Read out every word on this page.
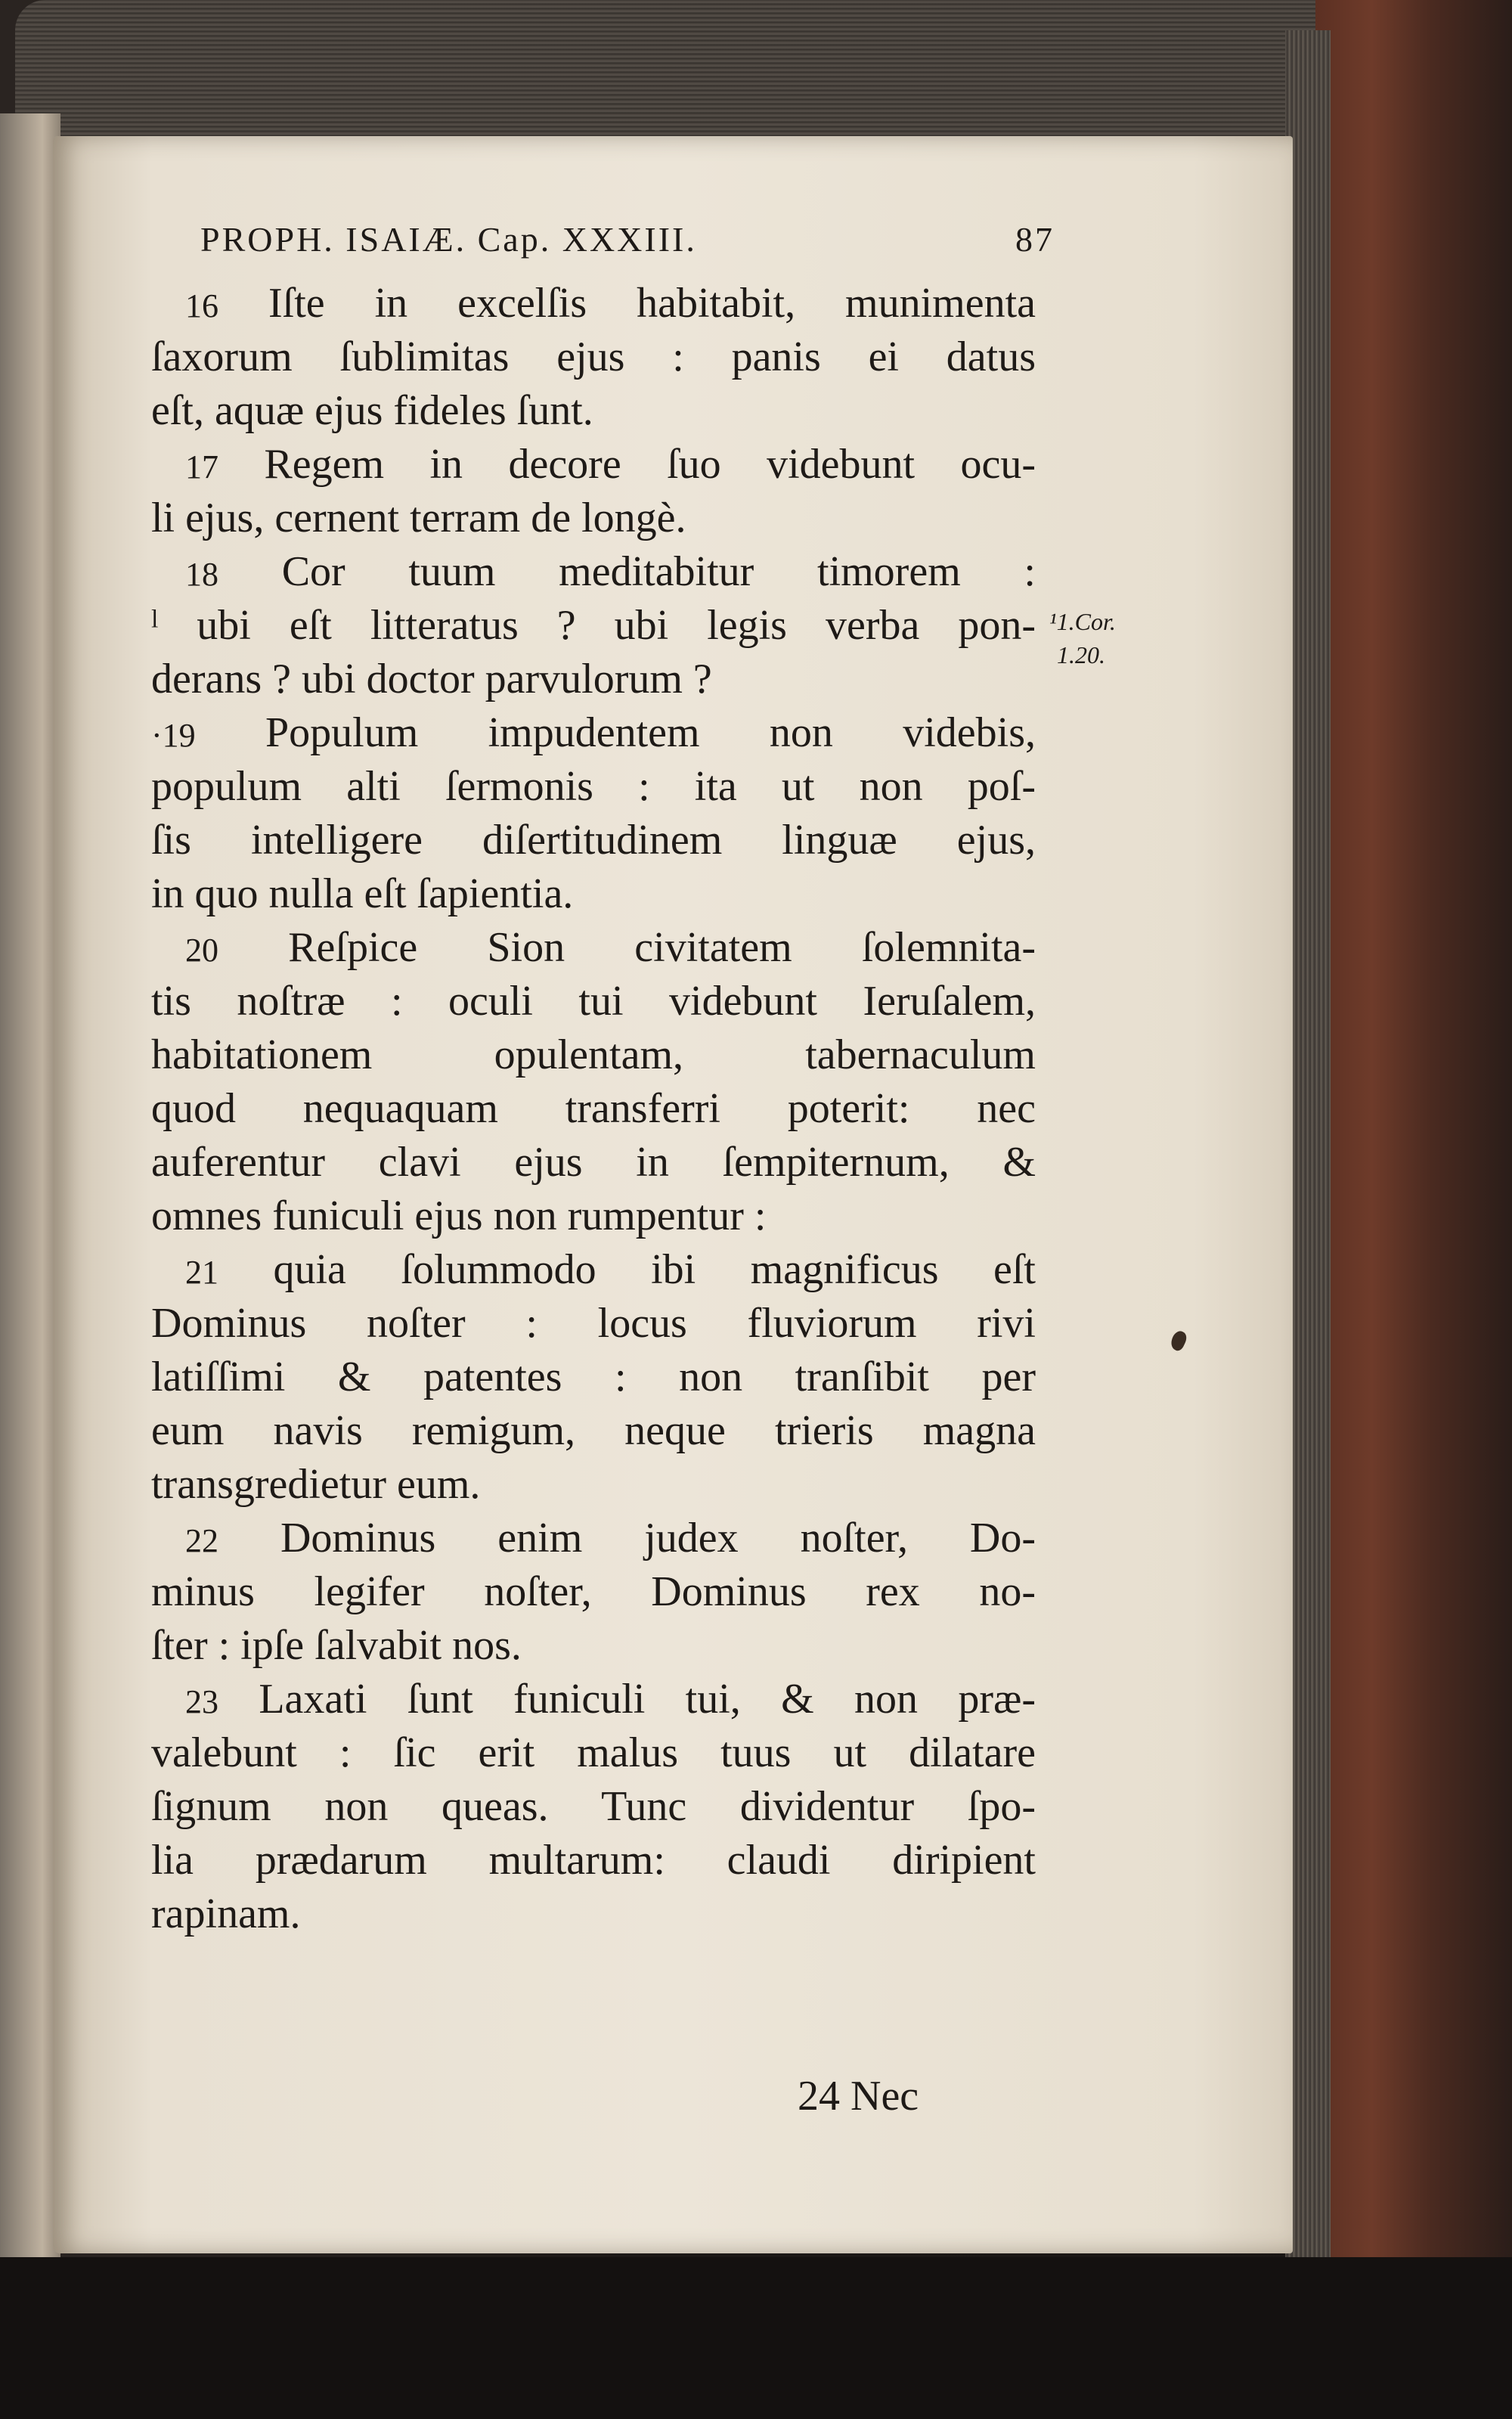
PROPH. ISAIÆ. Cap. XXXIII.	87
16 Iſte in excelſis habitabit, munimenta
ſaxorum ſublimitas ejus : panis ei datus
eſt, aquæ ejus fideles ſunt.
17 Regem in decore ſuo videbunt ocu-
li ejus, cernent terram de longè.
18 Cor tuum meditabitur timorem :
ˡ ubi eſt litteratus ? ubi legis verba pon-
derans ? ubi doctor parvulorum ?
¹1.Cor.
1.20.
·19 Populum impudentem non videbis,
populum alti ſermonis : ita ut non poſ-
ſis intelligere diſertitudinem linguæ ejus,
in quo nulla eſt ſapientia.
20 Reſpice Sion civitatem ſolemnita-
tis noſtræ : oculi tui videbunt Ieruſalem,
habitationem opulentam, tabernaculum
quod nequaquam transferri poterit: nec
auferentur clavi ejus in ſempiternum, &
omnes funiculi ejus non rumpentur :
21 quia ſolummodo ibi magnificus eſt
Dominus noſter : locus fluviorum rivi
latiſſimi & patentes : non tranſibit per
eum navis remigum, neque trieris magna
transgredietur eum.
22 Dominus enim judex noſter, Do-
minus legifer noſter, Dominus rex no-
ſter : ipſe ſalvabit nos.
23 Laxati ſunt funiculi tui, & non præ-
valebunt : ſic erit malus tuus ut dilatare
ſignum non queas. Tunc dividentur ſpo-
lia prædarum multarum: claudi diripient
rapinam.
24 Nec
